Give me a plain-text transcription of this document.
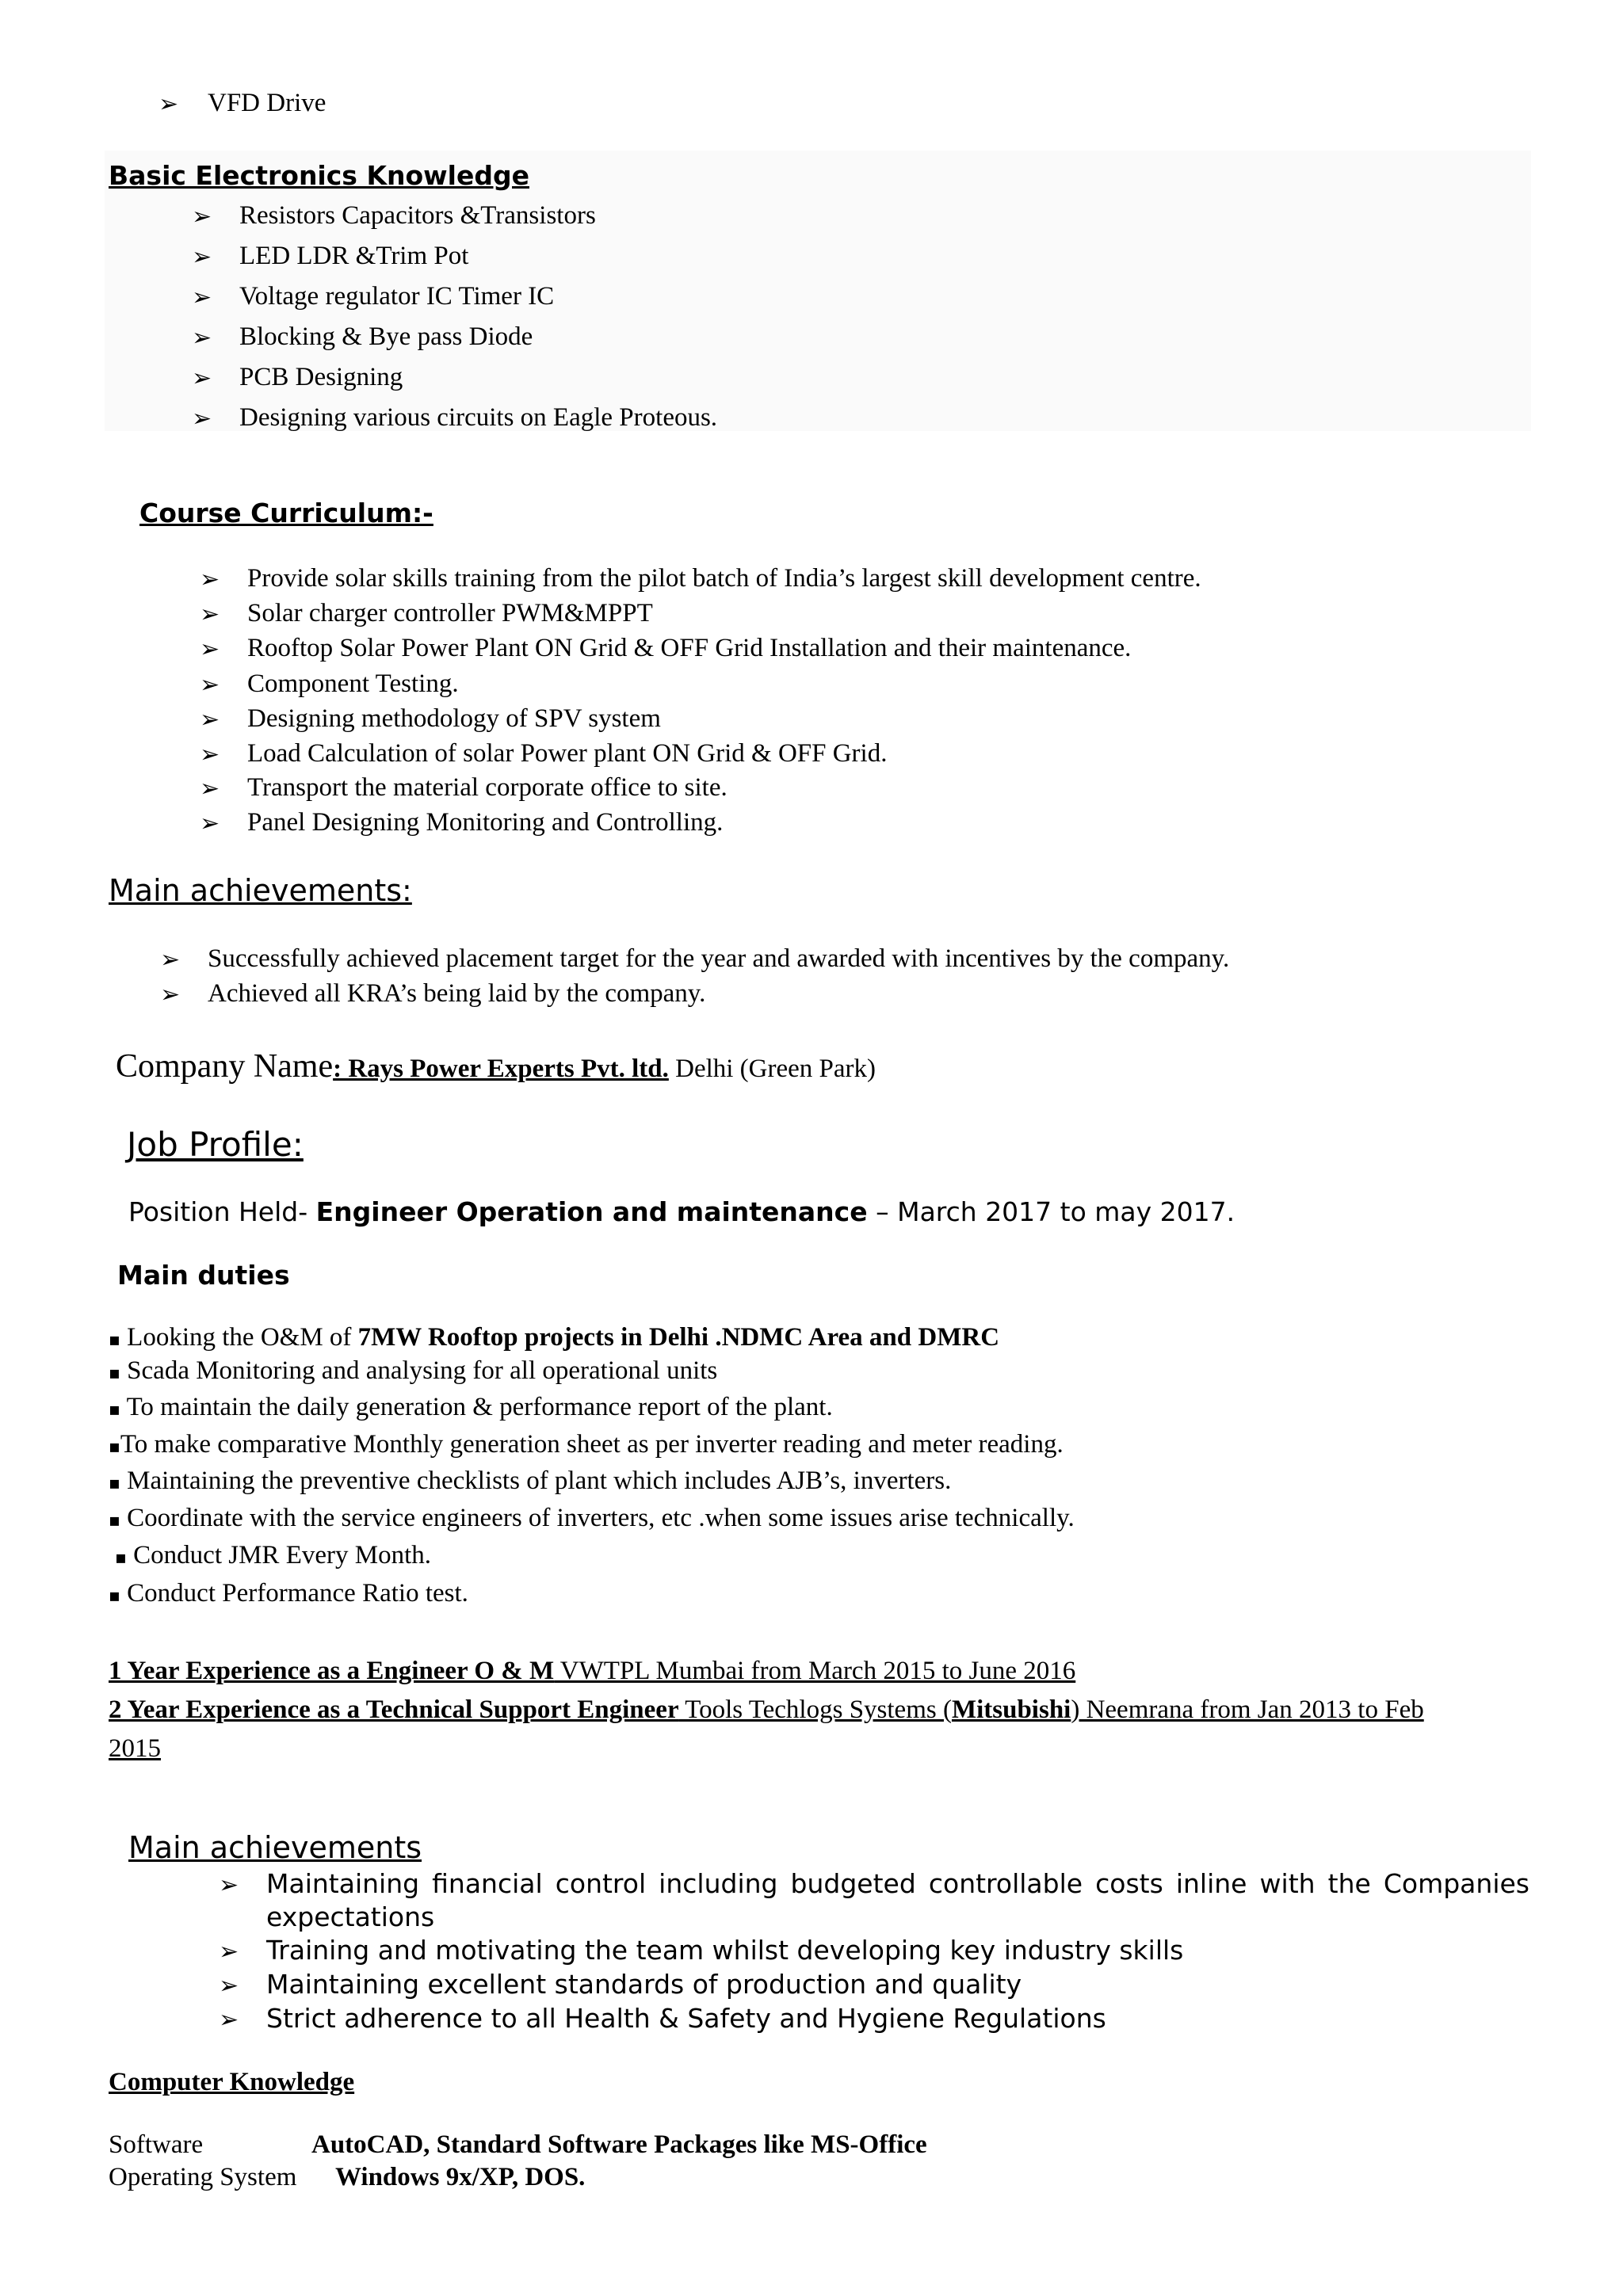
➢ VFD Drive
Basic Electronics Knowledge
➢ Resistors Capacitors &Transistors
➢ LED LDR &Trim Pot
➢ Voltage regulator IC Timer IC
➢ Blocking & Bye pass Diode
➢ PCB Designing
➢ Designing various circuits on Eagle Proteous.
Course Curriculum:-
➢ Provide solar skills training from the pilot batch of India’s largest skill development centre.
➢ Solar charger controller PWM&MPPT
➢ Rooftop Solar Power Plant ON Grid & OFF Grid Installation and their maintenance.
➢ Component Testing.
➢ Designing methodology of SPV system
➢ Load Calculation of solar Power plant ON Grid & OFF Grid.
➢ Transport the material corporate office to site.
➢ Panel Designing Monitoring and Controlling.
Main achievements:
➢ Successfully achieved placement target for the year and awarded with incentives by the company.
➢ Achieved all KRA’s being laid by the company.
Company Name: Rays Power Experts Pvt. ltd. Delhi (Green Park)
Job Profile:
Position Held- Engineer Operation and maintenance – March 2017 to may 2017.
Main duties
▪ Looking the O&M of 7MW Rooftop projects in Delhi .NDMC Area and DMRC
▪ Scada Monitoring and analysing for all operational units
▪ To maintain the daily generation & performance report of the plant.
▪To make comparative Monthly generation sheet as per inverter reading and meter reading.
▪ Maintaining the preventive checklists of plant which includes AJB’s, inverters.
▪ Coordinate with the service engineers of inverters, etc .when some issues arise technically.
▪ Conduct JMR Every Month.
▪ Conduct Performance Ratio test.
1 Year Experience as a Engineer O & M VWTPL Mumbai from March 2015 to June 2016
2 Year Experience as a Technical Support Engineer Tools Techlogs Systems (Mitsubishi) Neemrana from Jan 2013 to Feb
2015
Main achievements
➢ Maintaining financial control including budgeted controllable costs inline with the Companies
expectations
➢ Training and motivating the team whilst developing key industry skills
➢ Maintaining excellent standards of production and quality
➢ Strict adherence to all Health & Safety and Hygiene Regulations
Computer Knowledge
Software	AutoCAD, Standard Software Packages like MS-Office
Operating System Windows 9x/XP, DOS.
